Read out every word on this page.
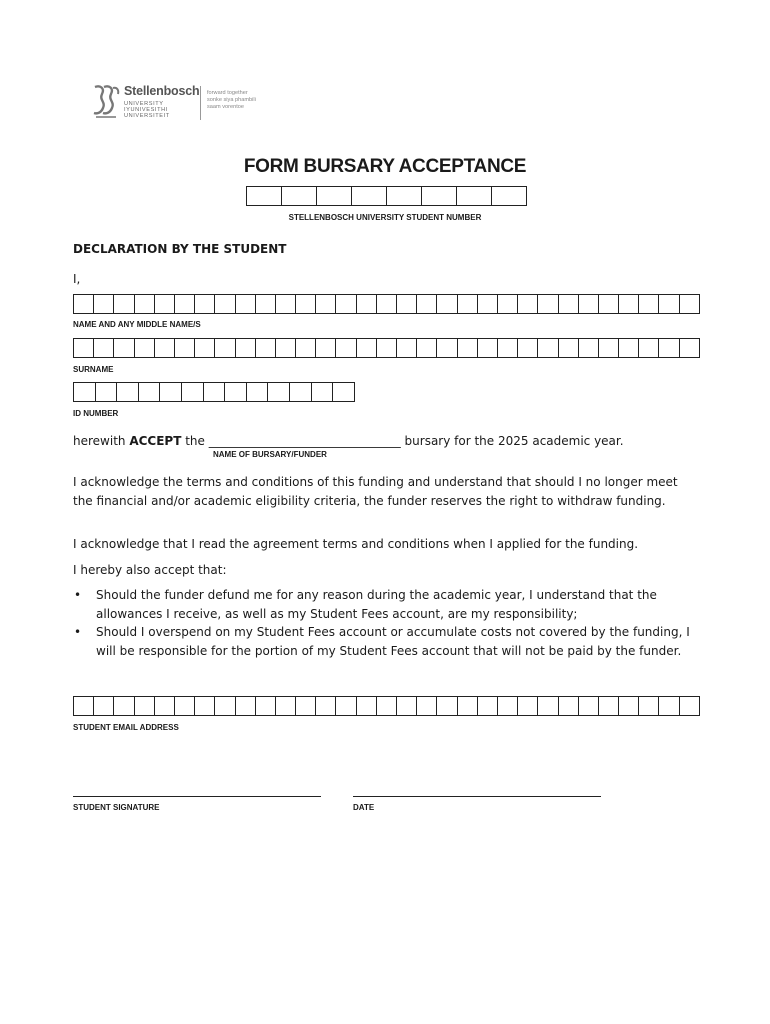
Stellenbosch
UNIVERSITY
IYUNIVESITHI
UNIVERSITEIT
forward together
sonke siya phambili
saam vorentoe
FORM BURSARY ACCEPTANCE
STELLENBOSCH UNIVERSITY STUDENT NUMBER
DECLARATION BY THE STUDENT
I,
NAME AND ANY MIDDLE NAME/S
SURNAME
ID NUMBER
herewith ACCEPT the ________________________________ bursary for the 2025 academic year.
NAME OF BURSARY/FUNDER
I acknowledge the terms and conditions of this funding and understand that should I no longer meet the financial and/or academic eligibility criteria, the funder reserves the right to withdraw funding.
I acknowledge that I read the agreement terms and conditions when I applied for the funding.
I hereby also accept that:
• Should the funder defund me for any reason during the academic year, I understand that the allowances I receive, as well as my Student Fees account, are my responsibility;
• Should I overspend on my Student Fees account or accumulate costs not covered by the funding, I will be responsible for the portion of my Student Fees account that will not be paid by the funder.
STUDENT EMAIL ADDRESS
STUDENT SIGNATURE	DATE
